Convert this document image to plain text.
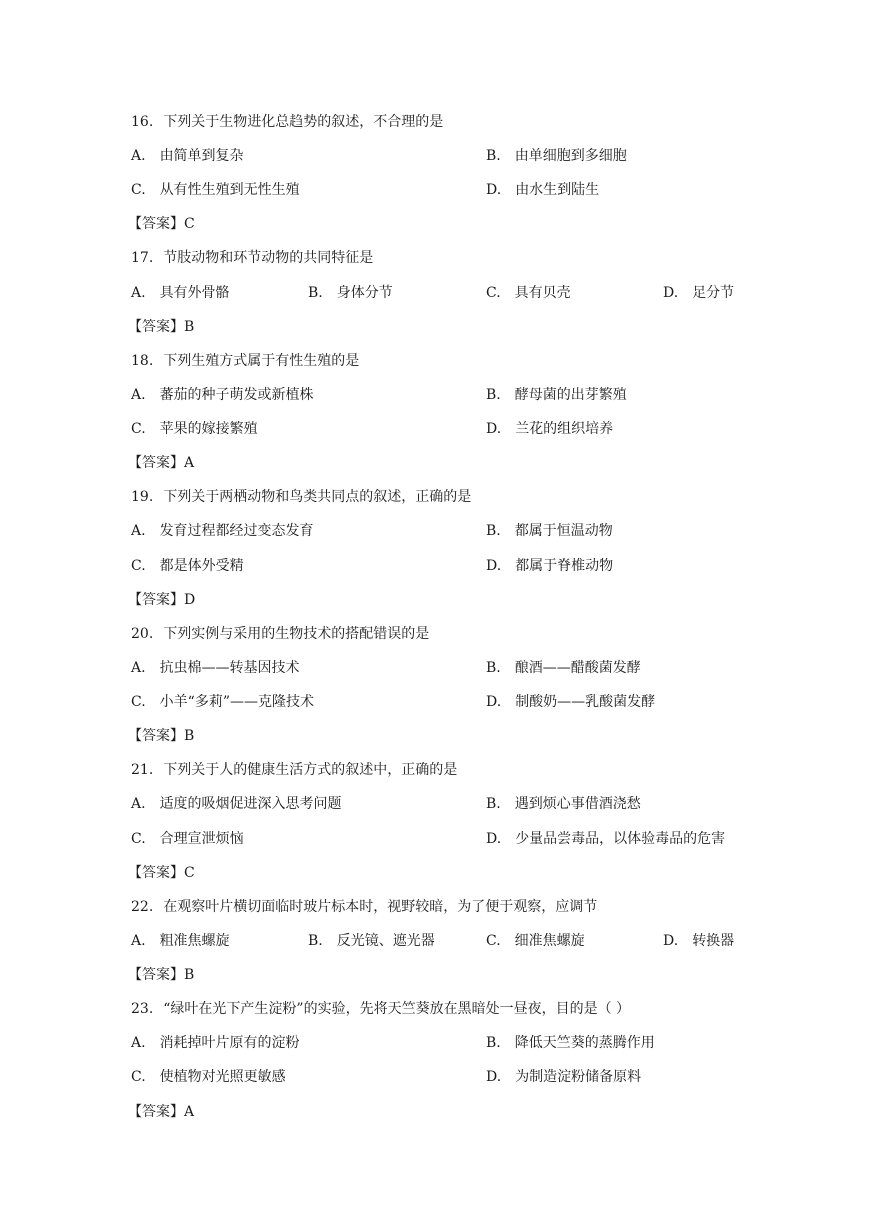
16. 下列关于生物进化总趋势的叙述，不合理的是
A. 由简单到复杂	B. 由单细胞到多细胞
C. 从有性生殖到无性生殖	D. 由水生到陆生
【答案】C
17. 节肢动物和环节动物的共同特征是
A. 具有外骨骼	B. 身体分节	C. 具有贝壳	D. 足分节
【答案】B
18. 下列生殖方式属于有性生殖的是
A. 蕃茄的种子萌发或新植株	B. 酵母菌的出芽繁殖
C. 苹果的嫁接繁殖	D. 兰花的组织培养
【答案】A
19. 下列关于两栖动物和鸟类共同点的叙述，正确的是
A. 发育过程都经过变态发育	B. 都属于恒温动物
C. 都是体外受精	D. 都属于脊椎动物
【答案】D
20. 下列实例与采用的生物技术的搭配错误的是
A. 抗虫棉——转基因技术	B. 酿酒——醋酸菌发酵
C. 小羊“多莉”——克隆技术	D. 制酸奶——乳酸菌发酵
【答案】B
21. 下列关于人的健康生活方式的叙述中，正确的是
A. 适度的吸烟促进深入思考问题	B. 遇到烦心事借酒浇愁
C. 合理宣泄烦恼	D. 少量品尝毒品，以体验毒品的危害
【答案】C
22. 在观察叶片横切面临时玻片标本时，视野较暗，为了便于观察，应调节
A. 粗准焦螺旋	B. 反光镜、遮光器	C. 细准焦螺旋	D. 转换器
【答案】B
23. “绿叶在光下产生淀粉”的实验，先将天竺葵放在黑暗处一昼夜，目的是（ ）
A. 消耗掉叶片原有的淀粉	B. 降低天竺葵的蒸腾作用
C. 使植物对光照更敏感	D. 为制造淀粉储备原料
【答案】A
